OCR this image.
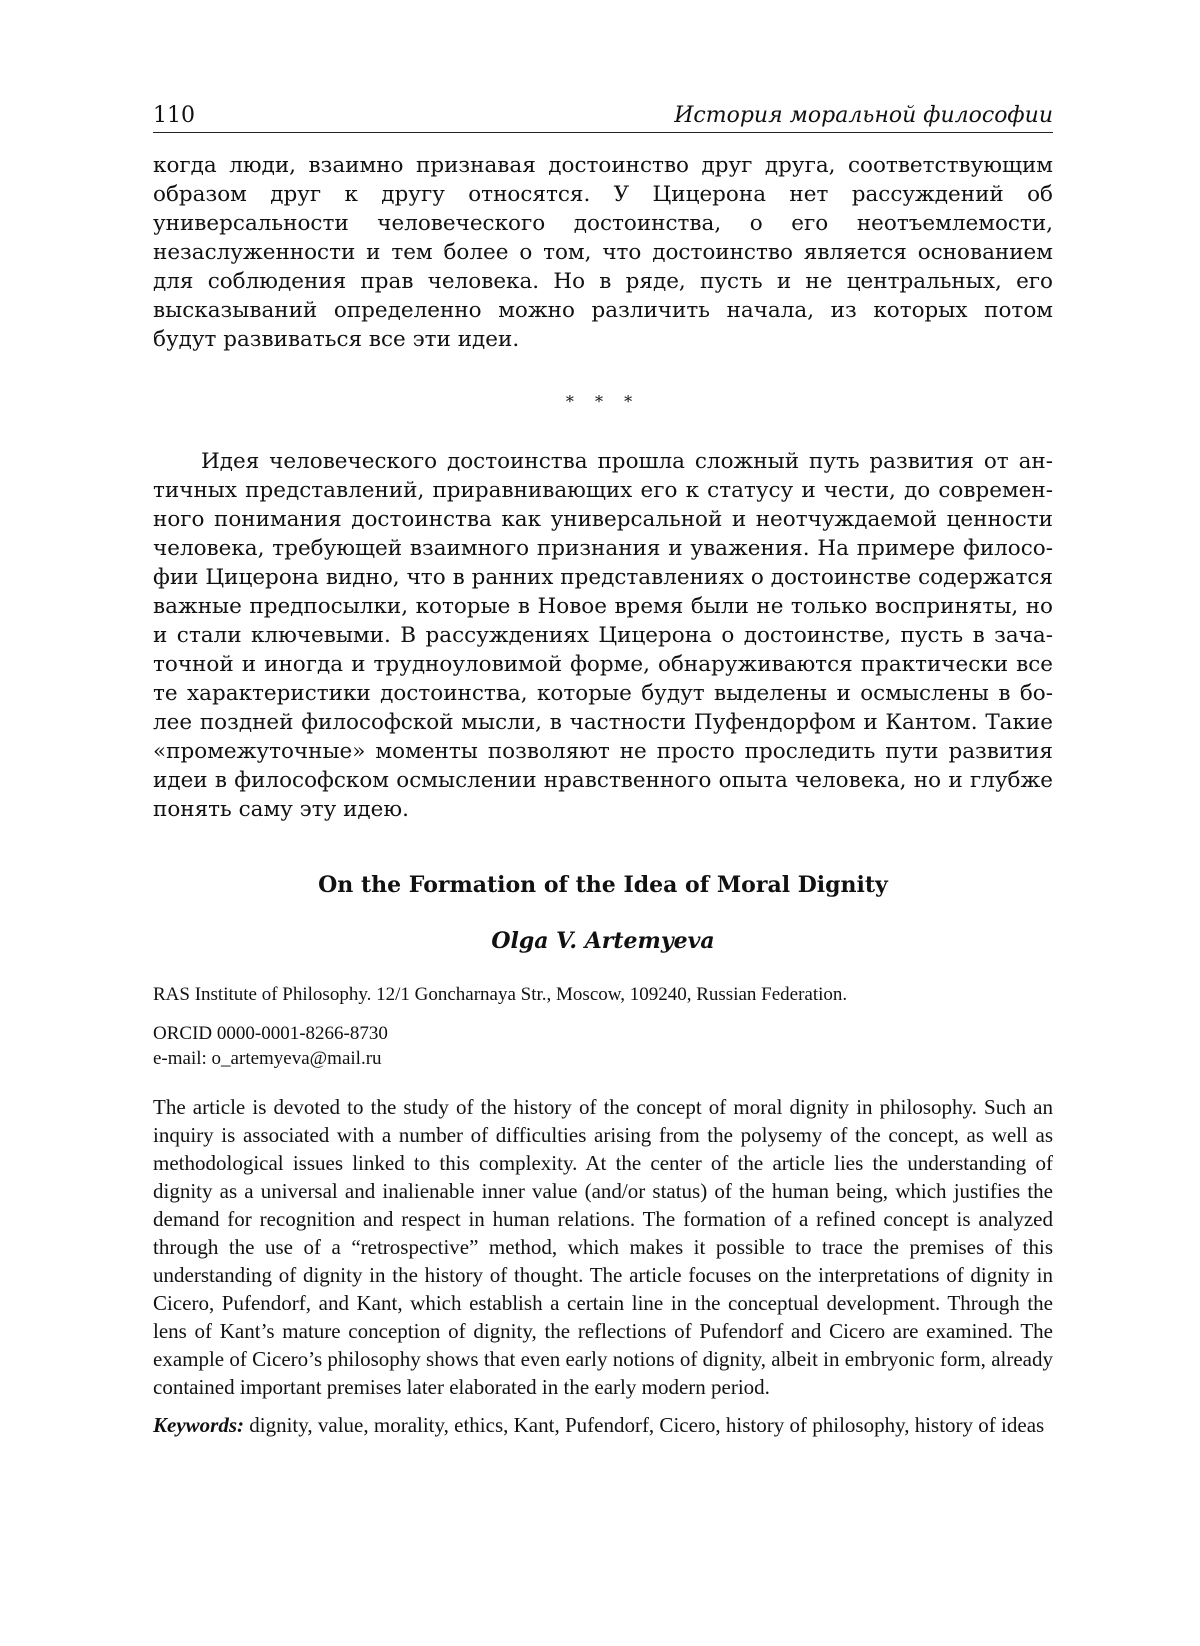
110	История моральной философии

когда люди, взаимно признавая достоинство друг друга, соответствующим образом друг к другу относятся. У Цицерона нет рассуждений об универсальности человеческого достоинства, о его неотъемлемости, незаслуженности и тем более о том, что достоинство является основанием для соблюдения прав человека. Но в ряде, пусть и не центральных, его высказываний определенно можно различить начала, из которых потом будут развиваться все эти идеи.

* * *

Идея человеческого достоинства прошла сложный путь развития от античных представлений, приравнивающих его к статусу и чести, до современного понимания достоинства как универсальной и неотчуждаемой ценности человека, требующей взаимного признания и уважения. На примере философии Цицерона видно, что в ранних представлениях о достоинстве содержатся важные предпосылки, которые в Новое время были не только восприняты, но и стали ключевыми. В рассуждениях Цицерона о достоинстве, пусть в зачаточной и иногда и трудноуловимой форме, обнаруживаются практически все те характеристики достоинства, которые будут выделены и осмыслены в более поздней философской мысли, в частности Пуфендорфом и Кантом. Такие «промежуточные» моменты позволяют не просто проследить пути развития идеи в философском осмыслении нравственного опыта человека, но и глубже понять саму эту идею.

On the Formation of the Idea of Moral Dignity
Olga V. Artemyeva

RAS Institute of Philosophy. 12/1 Goncharnaya Str., Moscow, 109240, Russian Federation.

ORCID 0000-0001-8266-8730

e-mail: o_artemyeva@mail.ru

The article is devoted to the study of the history of the concept of moral dignity in philosophy. Such an inquiry is associated with a number of difficulties arising from the polysemy of the concept, as well as methodological issues linked to this complexity. At the center of the article lies the understanding of dignity as a universal and inalienable inner value (and/or status) of the human being, which justifies the demand for recognition and respect in human relations. The formation of a refined concept is analyzed through the use of a “retrospective” method, which makes it possible to trace the premises of this understanding of dignity in the history of thought. The article focuses on the interpretations of dignity in Cicero, Pufendorf, and Kant, which establish a certain line in the conceptual development. Through the lens of Kant’s mature conception of dignity, the reflections of Pufendorf and Cicero are examined. The example of Cicero’s philosophy shows that even early notions of dignity, albeit in embryonic form, already contained important premises later elaborated in the early modern period.

Keywords: dignity, value, morality, ethics, Kant, Pufendorf, Cicero, history of philosophy, history of ideas
